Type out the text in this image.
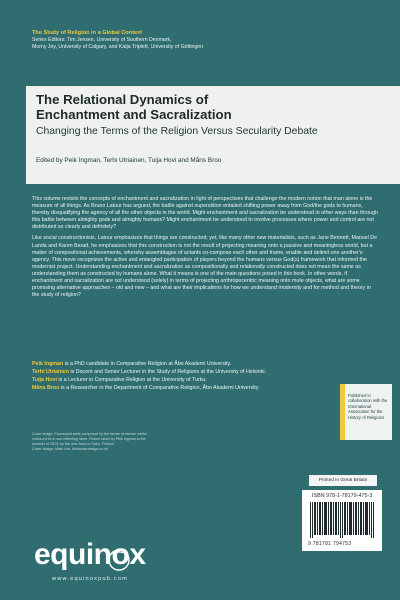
The Study of Religion in a Global Context
Series Editors: Tim Jensen, University of Southern Denmark,
Morny Joy, University of Calgary, and Katja Triplett, University of Göttingen
The Relational Dynamics of
Enchantment and Sacralization
Changing the Terms of the Religion Versus Secularity Debate
Edited by Peik Ingman, Terhi Utriainen, Tuija Hovi and Måns Broo

This volume revisits the concepts of enchantment and sacralization in light of perspectives that challenge the modern notion that man alone is the measure of all things. As Bruno Latour has argued, the battle against superstition entailed shifting power away from God/the gods to humans, thereby disqualifying the agency of all the other objects in the world. Might enchantment and sacralization be understood in other ways than through this battle between almighty gods and almighty humans? Might enchantment be understood to involve processes where power and control are not distributed so clearly and definitely?

Like social constructionists, Latour emphasizes that things are constructed; yet, like many other new materialists, such as Jane Bennett, Manuel De Landa and Karen Barad, he emphasizes that this construction is not the result of projecting meaning onto a passive and meaningless world, but a matter of compositional achievements, whereby assemblages of actants co-compose each other and frame, enable and delimit one another's agency. This move recognizes the active and entangled participation of players beyond the humans versus God(s) framework that informed the modernist project. Understanding enchantment and sacralization as compositionally and relationally constructed does not mean the same as understanding them as constructed by humans alone. What it means is one of the main questions posed in this book. In other words, if enchantment and sacralization are not understood (solely) in terms of projecting anthropocentric meaning onto mute objects, what are some promising alternative approaches – old and new – and what are their implications for how we understand modernity and for method and theory in the study of religion?

Peik Ingman is a PhD candidate in Comparative Religion at Åbo Akademi University.

Terhi Utriainen is Docent and Senior Lecturer in the Study of Religions at the University of Helsinki.

Tuija Hovi is a Lecturer in Comparative Religion at the University of Turku.

Måns Broo is a Researcher in the Department of Comparative Religion, Åbo Akademi University.

Cover image: Communal wells composed by the larvae of ermine moths
cloths a tree in sun-reflecting silver. Picture taken by Peik Ingman in the
summer of 2013, by the river Aura in Turku, Finland.
Cover design: Mark Lee, fishtankerdesign.co.uk
Published in collaboration with the International Association for the History of Religions
Printed in Great Britain
ISBN 978-1-78179-475-3
9 781781 794753
equinox
www.equinoxpub.com
